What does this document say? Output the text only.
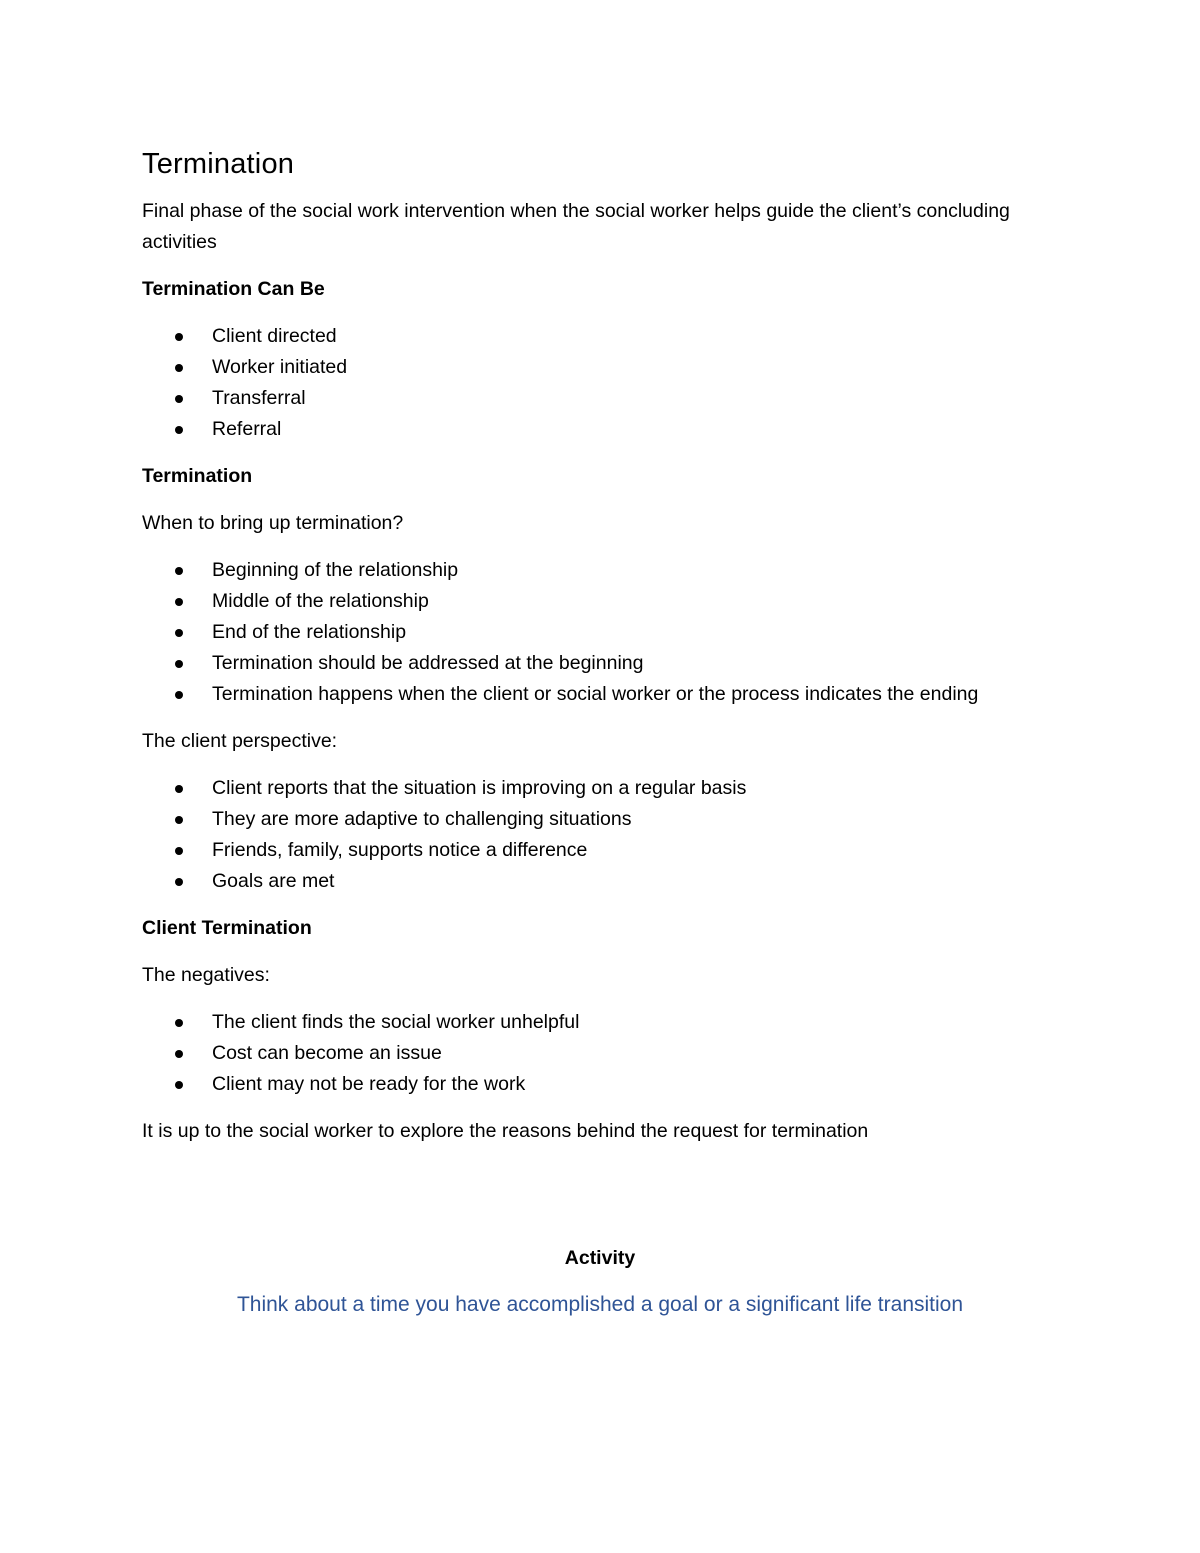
Termination

Final phase of the social work intervention when the social worker helps guide the client’s concluding activities

Termination Can Be

Client directed
Worker initiated
Transferral
Referral

Termination

When to bring up termination?

Beginning of the relationship
Middle of the relationship
End of the relationship
Termination should be addressed at the beginning
Termination happens when the client or social worker or the process indicates the ending

The client perspective:

Client reports that the situation is improving on a regular basis
They are more adaptive to challenging situations
Friends, family, supports notice a difference
Goals are met

Client Termination

The negatives:

The client finds the social worker unhelpful
Cost can become an issue
Client may not be ready for the work

It is up to the social worker to explore the reasons behind the request for termination

Activity

Think about a time you have accomplished a goal or a significant life transition
